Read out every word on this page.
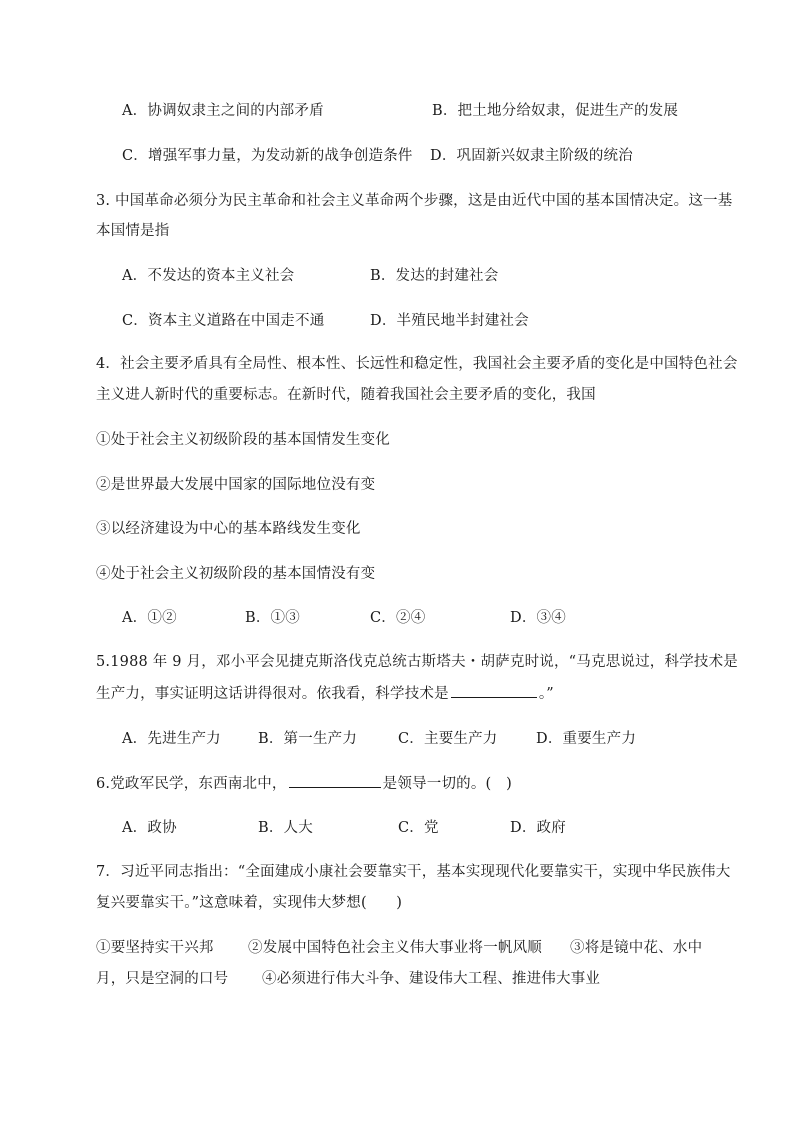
A．协调奴隶主之间的内部矛盾	B．把土地分给奴隶，促进生产的发展
C．增强军事力量，为发动新的战争创造条件 D．巩固新兴奴隶主阶级的统治
3. 中国革命必须分为民主革命和社会主义革命两个步骤，这是由近代中国的基本国情决定。这一基
本国情是指
A．不发达的资本主义社会	B．发达的封建社会
C．资本主义道路在中国走不通	D．半殖民地半封建社会
4．社会主要矛盾具有全局性、根本性、长远性和稳定性，我国社会主要矛盾的变化是中国特色社会
主义进人新时代的重要标志。在新时代，随着我国社会主要矛盾的变化，我国
①处于社会主义初级阶段的基本国情发生变化
②是世界最大发展中国家的国际地位没有变
③以经济建设为中心的基本路线发生变化
④处于社会主义初级阶段的基本国情没有变
A．①②	B．①③	C．②④	D．③④
5.1988 年 9 月，邓小平会见捷克斯洛伐克总统古斯塔夫・胡萨克时说，“马克思说过，科学技术是
生产力，事实证明这话讲得很对。依我看，科学技术是	。”
A．先进生产力	B．第一生产力	C．主要生产力	D．重要生产力
6.党政军民学，东西南北中，	是领导一切的。(　)
A．政协	B．人大	C．党	D．政府
7．习近平同志指出：“全面建成小康社会要靠实干，基本实现现代化要靠实干，实现中华民族伟大
复兴要靠实干。”这意味着，实现伟大梦想(　　)
①要坚持实干兴邦 ②发展中国特色社会主义伟大事业将一帆风顺 ③将是镜中花、水中
月，只是空洞的口号 ④必须进行伟大斗争、建设伟大工程、推进伟大事业
